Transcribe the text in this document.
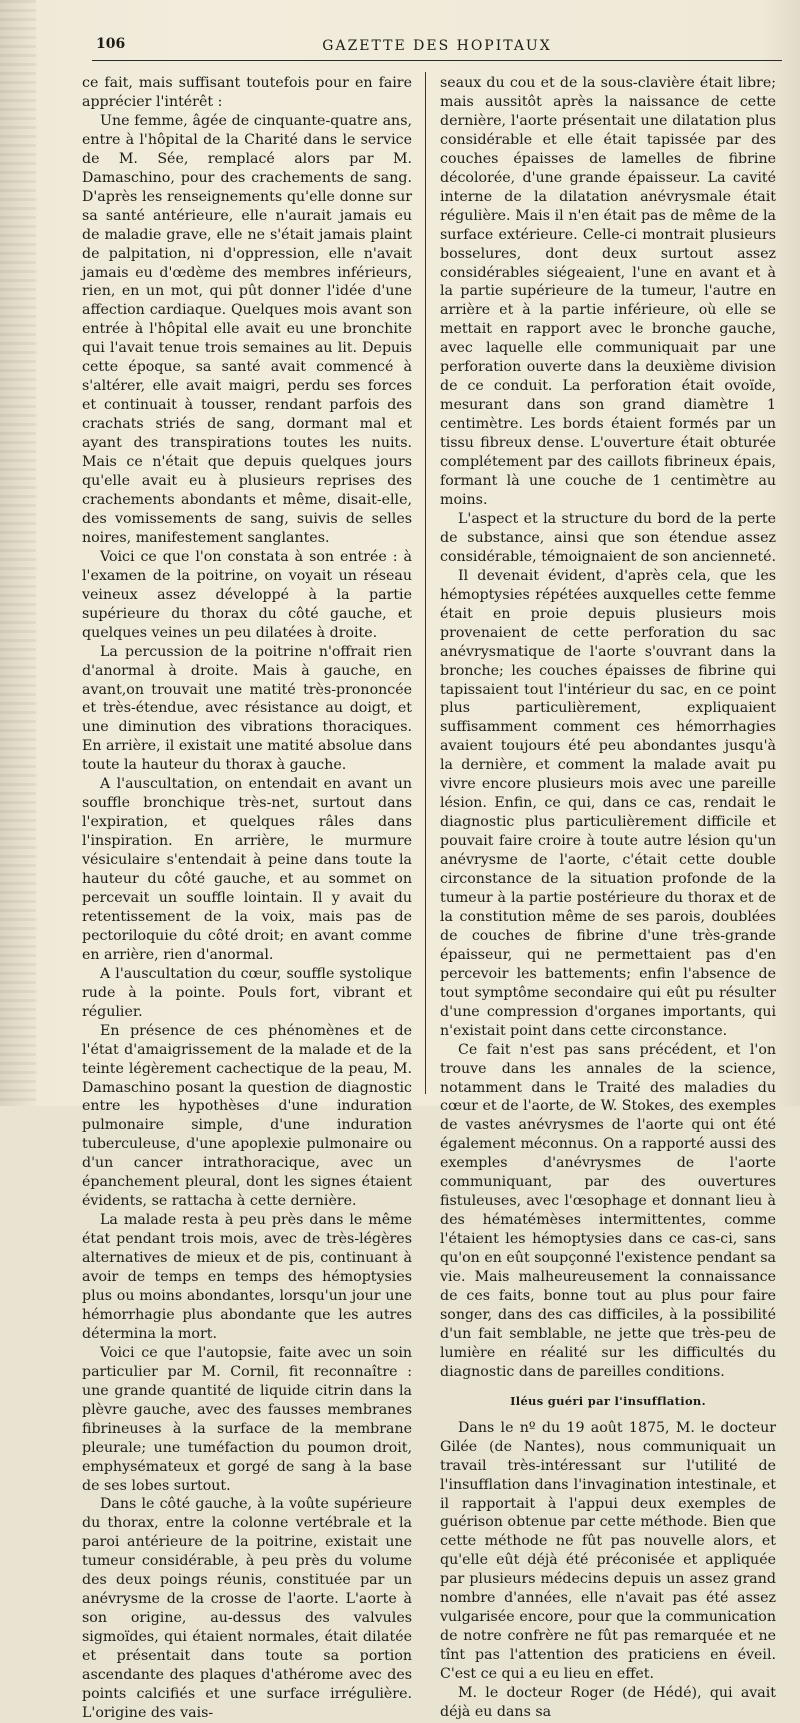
106	GAZETTE DES HOPITAUX

ce fait, mais suffisant toutefois pour en faire apprécier l'intérêt :

Une femme, âgée de cinquante-quatre ans, entre à l'hôpital de la Charité dans le service de M. Sée, remplacé alors par M. Damaschino, pour des crachements de sang. D'après les renseignements qu'elle donne sur sa santé antérieure, elle n'aurait jamais eu de maladie grave, elle ne s'était jamais plaint de palpitation, ni d'oppression, elle n'avait jamais eu d'œdème des membres inférieurs, rien, en un mot, qui pût donner l'idée d'une affection cardiaque. Quelques mois avant son entrée à l'hôpital elle avait eu une bronchite qui l'avait tenue trois semaines au lit. Depuis cette époque, sa santé avait commencé à s'altérer, elle avait maigri, perdu ses forces et continuait à tousser, rendant parfois des crachats striés de sang, dormant mal et ayant des transpirations toutes les nuits. Mais ce n'était que depuis quelques jours qu'elle avait eu à plusieurs reprises des crachements abondants et même, disait-elle, des vomissements de sang, suivis de selles noires, manifestement sanglantes.

Voici ce que l'on constata à son entrée : à l'examen de la poitrine, on voyait un réseau veineux assez développé à la partie supérieure du thorax du côté gauche, et quelques veines un peu dilatées à droite.

La percussion de la poitrine n'offrait rien d'anormal à droite. Mais à gauche, en avant,on trouvait une matité très-prononcée et très-étendue, avec résistance au doigt, et une diminution des vibrations thoraciques. En arrière, il existait une matité absolue dans toute la hauteur du thorax à gauche.

A l'auscultation, on entendait en avant un souffle bronchique très-net, surtout dans l'expiration, et quelques râles dans l'inspiration. En arrière, le murmure vésiculaire s'entendait à peine dans toute la hauteur du côté gauche, et au sommet on percevait un souffle lointain. Il y avait du retentissement de la voix, mais pas de pectoriloquie du côté droit; en avant comme en arrière, rien d'anormal.

A l'auscultation du cœur, souffle systolique rude à la pointe. Pouls fort, vibrant et régulier.

En présence de ces phénomènes et de l'état d'amaigrissement de la malade et de la teinte légèrement cachectique de la peau, M. Damaschino posant la question de diagnostic entre les hypothèses d'une induration pulmonaire simple, d'une induration tuberculeuse, d'une apoplexie pulmonaire ou d'un cancer intrathoracique, avec un épanchement pleural, dont les signes étaient évidents, se rattacha à cette dernière.

La malade resta à peu près dans le même état pendant trois mois, avec de très-légères alternatives de mieux et de pis, continuant à avoir de temps en temps des hémoptysies plus ou moins abondantes, lorsqu'un jour une hémorrhagie plus abondante que les autres détermina la mort.

Voici ce que l'autopsie, faite avec un soin particulier par M. Cornil, fit reconnaître : une grande quantité de liquide citrin dans la plèvre gauche, avec des fausses membranes fibrineuses à la surface de la membrane pleurale; une tuméfaction du poumon droit, emphysémateux et gorgé de sang à la base de ses lobes surtout.

Dans le côté gauche, à la voûte supérieure du thorax, entre la colonne vertébrale et la paroi antérieure de la poitrine, existait une tumeur considérable, à peu près du volume des deux poings réunis, constituée par un anévrysme de la crosse de l'aorte. L'aorte à son origine, au-dessus des valvules sigmoïdes, qui étaient normales, était dilatée et présentait dans toute sa portion ascendante des plaques d'athérome avec des points calcifiés et une surface irrégulière. L'origine des vais-

seaux du cou et de la sous-clavière était libre; mais aussitôt après la naissance de cette dernière, l'aorte présentait une dilatation plus considérable et elle était tapissée par des couches épaisses de lamelles de fibrine décolorée, d'une grande épaisseur. La cavité interne de la dilatation anévrysmale était régulière. Mais il n'en était pas de même de la surface extérieure. Celle-ci montrait plusieurs bosselures, dont deux surtout assez considérables siégeaient, l'une en avant et à la partie supérieure de la tumeur, l'autre en arrière et à la partie inférieure, où elle se mettait en rapport avec le bronche gauche, avec laquelle elle communiquait par une perforation ouverte dans la deuxième division de ce conduit. La perforation était ovoïde, mesurant dans son grand diamètre 1 centimètre. Les bords étaient formés par un tissu fibreux dense. L'ouverture était obturée complétement par des caillots fibrineux épais, formant là une couche de 1 centimètre au moins.

L'aspect et la structure du bord de la perte de substance, ainsi que son étendue assez considérable, témoignaient de son ancienneté.

Il devenait évident, d'après cela, que les hémoptysies répétées auxquelles cette femme était en proie depuis plusieurs mois provenaient de cette perforation du sac anévrysmatique de l'aorte s'ouvrant dans la bronche; les couches épaisses de fibrine qui tapissaient tout l'intérieur du sac, en ce point plus particulièrement, expliquaient suffisamment comment ces hémorrhagies avaient toujours été peu abondantes jusqu'à la dernière, et comment la malade avait pu vivre encore plusieurs mois avec une pareille lésion. Enfin, ce qui, dans ce cas, rendait le diagnostic plus particulièrement difficile et pouvait faire croire à toute autre lésion qu'un anévrysme de l'aorte, c'était cette double circonstance de la situation profonde de la tumeur à la partie postérieure du thorax et de la constitution même de ses parois, doublées de couches de fibrine d'une très-grande épaisseur, qui ne permettaient pas d'en percevoir les battements; enfin l'absence de tout symptôme secondaire qui eût pu résulter d'une compression d'organes importants, qui n'existait point dans cette circonstance.

Ce fait n'est pas sans précédent, et l'on trouve dans les annales de la science, notamment dans le Traité des maladies du cœur et de l'aorte, de W. Stokes, des exemples de vastes anévrysmes de l'aorte qui ont été également méconnus. On a rapporté aussi des exemples d'anévrysmes de l'aorte communiquant, par des ouvertures fistuleuses, avec l'œsophage et donnant lieu à des hématémèses intermittentes, comme l'étaient les hémoptysies dans ce cas-ci, sans qu'on en eût soupçonné l'existence pendant sa vie. Mais malheureusement la connaissance de ces faits, bonne tout au plus pour faire songer, dans des cas difficiles, à la possibilité d'un fait semblable, ne jette que très-peu de lumière en réalité sur les difficultés du diagnostic dans de pareilles conditions.

Iléus guéri par l'insufflation.

Dans le nº du 19 août 1875, M. le docteur Gilée (de Nantes), nous communiquait un travail très-intéressant sur l'utilité de l'insufflation dans l'invagination intestinale, et il rapportait à l'appui deux exemples de guérison obtenue par cette méthode. Bien que cette méthode ne fût pas nouvelle alors, et qu'elle eût déjà été préconisée et appliquée par plusieurs médecins depuis un assez grand nombre d'années, elle n'avait pas été assez vulgarisée encore, pour que la communication de notre confrère ne fût pas remarquée et ne tînt pas l'attention des praticiens en éveil. C'est ce qui a eu lieu en effet.

M. le docteur Roger (de Hédé), qui avait déjà eu dans sa
